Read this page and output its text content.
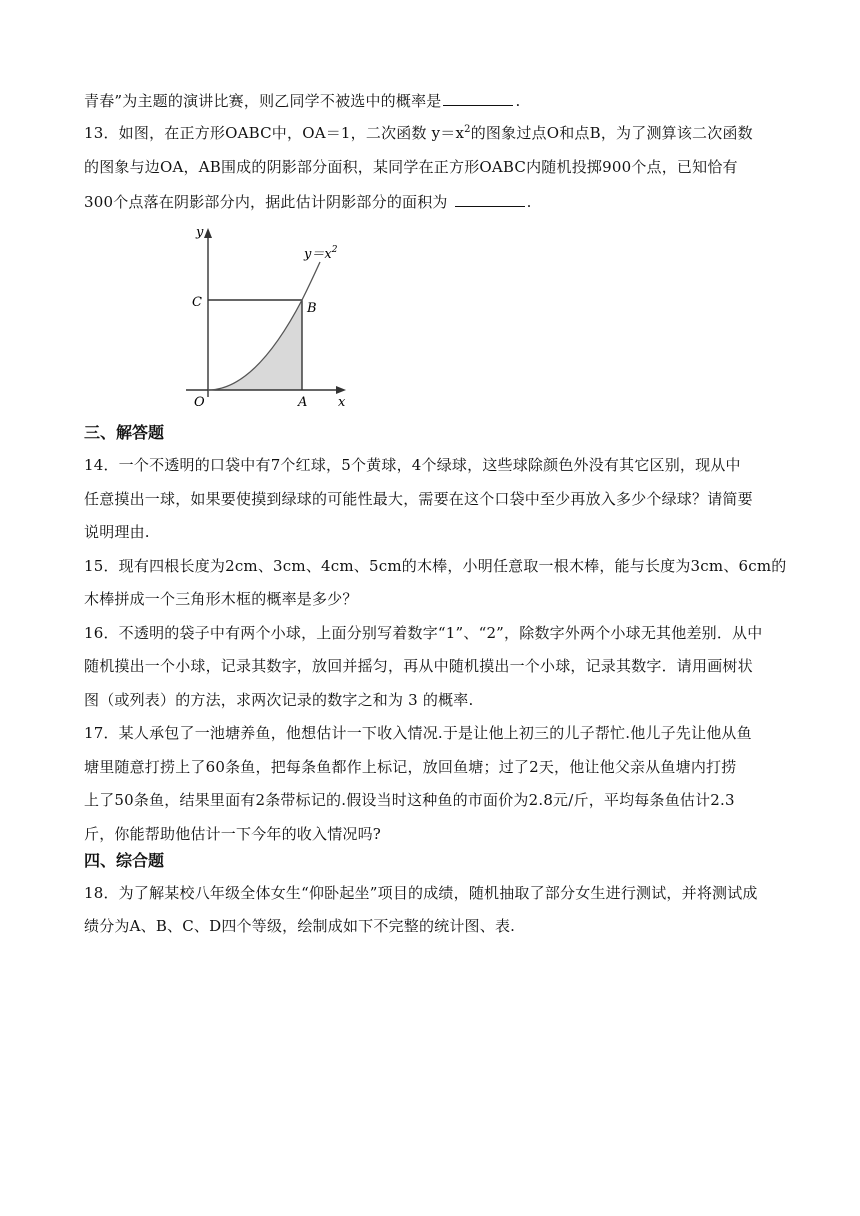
青春”为主题的演讲比赛，则乙同学不被选中的概率是	.
13．如图，在正方形OABC中，OA＝1，二次函数 $y=x^2$的图象过点O和点B，为了测算该二次函数
的图象与边OA，AB围成的阴影部分面积，某同学在正方形OABC内随机投掷900个点，已知恰有
300个点落在阴影部分内，据此估计阴影部分的面积为	.
y
x
O	A
B
C
$y=x^2$
三、解答题
14．一个不透明的口袋中有7个红球，5个黄球，4个绿球，这些球除颜色外没有其它区别，现从中
任意摸出一球，如果要使摸到绿球的可能性最大，需要在这个口袋中至少再放入多少个绿球？请简要
说明理由.
15．现有四根长度为2cm、3cm、4cm、5cm的木棒，小明任意取一根木棒，能与长度为3cm、6cm的
木棒拼成一个三角形木框的概率是多少？
16．不透明的袋子中有两个小球，上面分别写着数字“1”、“2”，除数字外两个小球无其他差别．从中
随机摸出一个小球，记录其数字，放回并摇匀，再从中随机摸出一个小球，记录其数字．请用画树状
图（或列表）的方法，求两次记录的数字之和为 3 的概率.
17．某人承包了一池塘养鱼，他想估计一下收入情况.于是让他上初三的儿子帮忙.他儿子先让他从鱼
塘里随意打捞上了60条鱼，把每条鱼都作上标记，放回鱼塘；过了2天，他让他父亲从鱼塘内打捞
上了50条鱼，结果里面有2条带标记的.假设当时这种鱼的市面价为2.8元/斤，平均每条鱼估计2.3
斤，你能帮助他估计一下今年的收入情况吗?
四、综合题
18．为了解某校八年级全体女生“仰卧起坐”项目的成绩，随机抽取了部分女生进行测试，并将测试成
绩分为A、B、C、D四个等级，绘制成如下不完整的统计图、表.
